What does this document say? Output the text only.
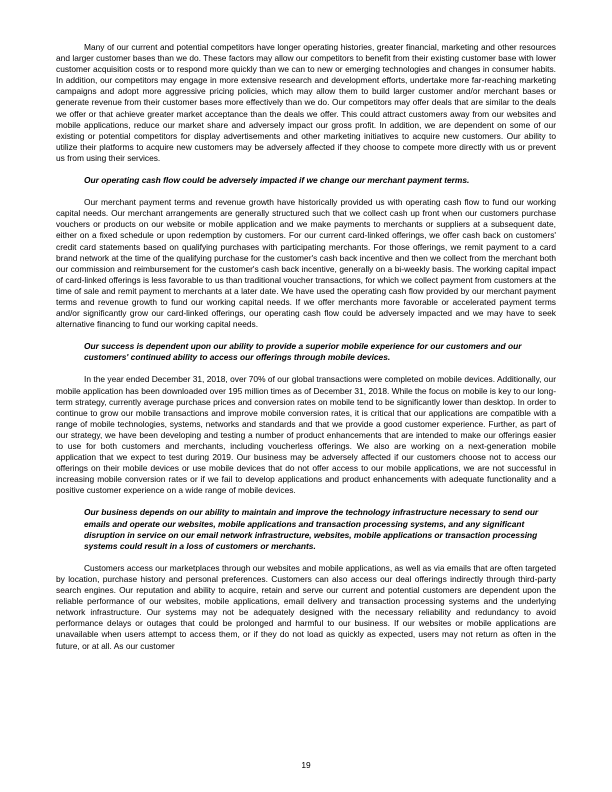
Many of our current and potential competitors have longer operating histories, greater financial, marketing and other resources and larger customer bases than we do. These factors may allow our competitors to benefit from their existing customer base with lower customer acquisition costs or to respond more quickly than we can to new or emerging technologies and changes in consumer habits. In addition, our competitors may engage in more extensive research and development efforts, undertake more far-reaching marketing campaigns and adopt more aggressive pricing policies, which may allow them to build larger customer and/or merchant bases or generate revenue from their customer bases more effectively than we do. Our competitors may offer deals that are similar to the deals we offer or that achieve greater market acceptance than the deals we offer. This could attract customers away from our websites and mobile applications, reduce our market share and adversely impact our gross profit. In addition, we are dependent on some of our existing or potential competitors for display advertisements and other marketing initiatives to acquire new customers. Our ability to utilize their platforms to acquire new customers may be adversely affected if they choose to compete more directly with us or prevent us from using their services.

Our operating cash flow could be adversely impacted if we change our merchant payment terms.

Our merchant payment terms and revenue growth have historically provided us with operating cash flow to fund our working capital needs. Our merchant arrangements are generally structured such that we collect cash up front when our customers purchase vouchers or products on our website or mobile application and we make payments to merchants or suppliers at a subsequent date, either on a fixed schedule or upon redemption by customers. For our current card-linked offerings, we offer cash back on customers' credit card statements based on qualifying purchases with participating merchants. For those offerings, we remit payment to a card brand network at the time of the qualifying purchase for the customer's cash back incentive and then we collect from the merchant both our commission and reimbursement for the customer's cash back incentive, generally on a bi-weekly basis. The working capital impact of card-linked offerings is less favorable to us than traditional voucher transactions, for which we collect payment from customers at the time of sale and remit payment to merchants at a later date. We have used the operating cash flow provided by our merchant payment terms and revenue growth to fund our working capital needs. If we offer merchants more favorable or accelerated payment terms and/or significantly grow our card-linked offerings, our operating cash flow could be adversely impacted and we may have to seek alternative financing to fund our working capital needs.

Our success is dependent upon our ability to provide a superior mobile experience for our customers and our customers' continued ability to access our offerings through mobile devices.

In the year ended December 31, 2018, over 70% of our global transactions were completed on mobile devices. Additionally, our mobile application has been downloaded over 195 million times as of December 31, 2018. While the focus on mobile is key to our long-term strategy, currently average purchase prices and conversion rates on mobile tend to be significantly lower than desktop. In order to continue to grow our mobile transactions and improve mobile conversion rates, it is critical that our applications are compatible with a range of mobile technologies, systems, networks and standards and that we provide a good customer experience. Further, as part of our strategy, we have been developing and testing a number of product enhancements that are intended to make our offerings easier to use for both customers and merchants, including voucherless offerings. We also are working on a next-generation mobile application that we expect to test during 2019. Our business may be adversely affected if our customers choose not to access our offerings on their mobile devices or use mobile devices that do not offer access to our mobile applications, we are not successful in increasing mobile conversion rates or if we fail to develop applications and product enhancements with adequate functionality and a positive customer experience on a wide range of mobile devices.

Our business depends on our ability to maintain and improve the technology infrastructure necessary to send our emails and operate our websites, mobile applications and transaction processing systems, and any significant disruption in service on our email network infrastructure, websites, mobile applications or transaction processing systems could result in a loss of customers or merchants.

Customers access our marketplaces through our websites and mobile applications, as well as via emails that are often targeted by location, purchase history and personal preferences. Customers can also access our deal offerings indirectly through third-party search engines. Our reputation and ability to acquire, retain and serve our current and potential customers are dependent upon the reliable performance of our websites, mobile applications, email delivery and transaction processing systems and the underlying network infrastructure. Our systems may not be adequately designed with the necessary reliability and redundancy to avoid performance delays or outages that could be prolonged and harmful to our business. If our websites or mobile applications are unavailable when users attempt to access them, or if they do not load as quickly as expected, users may not return as often in the future, or at all. As our customer

19
